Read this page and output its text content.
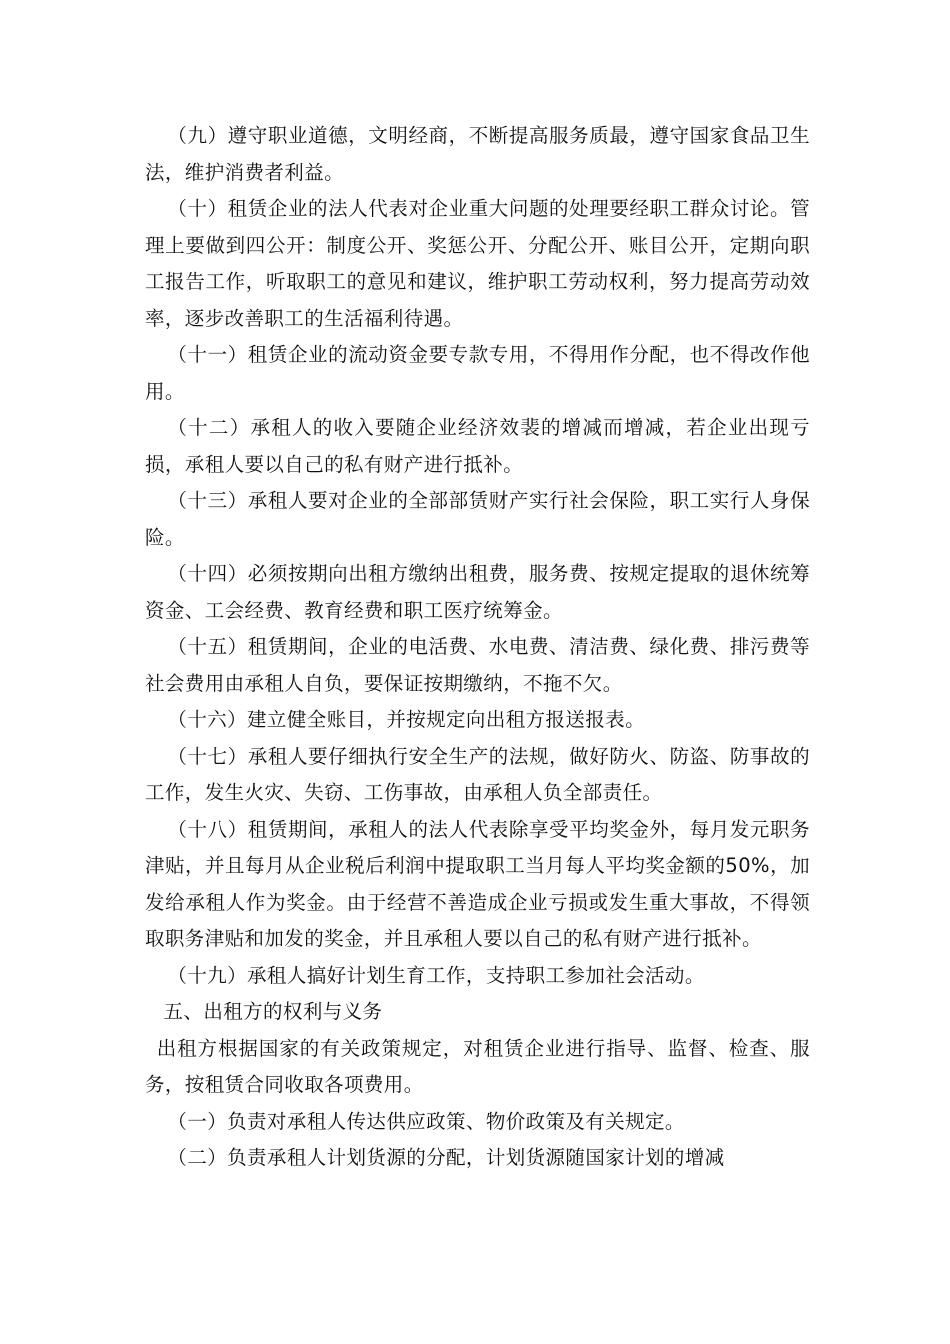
（九）遵守职业道德，文明经商，不断提高服务质最，遵守国家食品卫生法，维护消费者利益。

（十）租赁企业的法人代表对企业重大问题的处理要经职工群众讨论。管理上要做到四公开：制度公开、奖惩公开、分配公开、账目公开，定期向职工报告工作，听取职工的意见和建议，维护职工劳动权利，努力提高劳动效率，逐步改善职工的生活福利待遇。

（十一）租赁企业的流动资金要专款专用，不得用作分配，也不得改作他用。

（十二）承租人的收入要随企业经济效裴的增减而增减，若企业出现亏损，承租人要以自己的私有财产进行抵补。

（十三）承租人要对企业的全部部赁财产实行社会保险，职工实行人身保险。

（十四）必须按期向出租方缴纳出租费，服务费、按规定提取的退休统筹资金、工会经费、教育经费和职工医疗统筹金。

（十五）租赁期间，企业的电活费、水电费、清洁费、绿化费、排污费等社会费用由承租人自负，要保证按期缴纳，不拖不欠。

（十六）建立健全账目，并按规定向出租方报送报表。

（十七）承租人要仔细执行安全生产的法规，做好防火、防盗、防事故的工作，发生火灾、失窃、工伤事故，由承租人负全部责任。

（十八）租赁期间，承租人的法人代表除享受平均奖金外，每月发元职务津贴，并且每月从企业税后利润中提取职工当月每人平均奖金额的50%，加发给承租人作为奖金。由于经营不善造成企业亏损或发生重大事故，不得领取职务津贴和加发的奖金，并且承租人要以自己的私有财产进行抵补。

（十九）承租人搞好计划生育工作，支持职工参加社会活动。

五、出租方的权利与义务

出租方根据国家的有关政策规定，对租赁企业进行指导、监督、检查、服务，按租赁合同收取各项费用。

（一）负责对承租人传达供应政策、物价政策及有关规定。

（二）负责承租人计划货源的分配，计划货源随国家计划的增减
